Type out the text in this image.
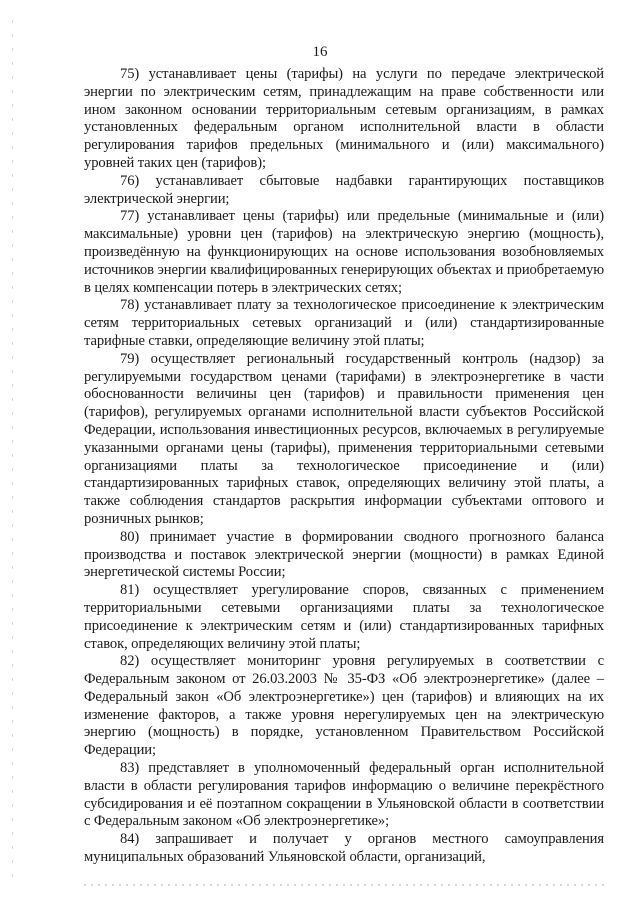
16

75) устанавливает цены (тарифы) на услуги по передаче электрической энергии по электрическим сетям, принадлежащим на праве собственности или ином законном основании территориальным сетевым организациям, в рамках установленных федеральным органом исполнительной власти в области регулирования тарифов предельных (минимального и (или) максимального) уровней таких цен (тарифов);

76) устанавливает сбытовые надбавки гарантирующих поставщиков электрической энергии;

77) устанавливает цены (тарифы) или предельные (минимальные и (или) максимальные) уровни цен (тарифов) на электрическую энергию (мощность), произведённую на функционирующих на основе использования возобновляемых источников энергии квалифицированных генерирующих объектах и приобретаемую в целях компенсации потерь в электрических сетях;

78) устанавливает плату за технологическое присоединение к электрическим сетям территориальных сетевых организаций и (или) стандартизированные тарифные ставки, определяющие величину этой платы;

79) осуществляет региональный государственный контроль (надзор) за регулируемыми государством ценами (тарифами) в электроэнергетике в части обоснованности величины цен (тарифов) и правильности применения цен (тарифов), регулируемых органами исполнительной власти субъектов Российской Федерации, использования инвестиционных ресурсов, включаемых в регулируемые указанными органами цены (тарифы), применения территориальными сетевыми организациями платы за технологическое присоединение и (или) стандартизированных тарифных ставок, определяющих величину этой платы, а также соблюдения стандартов раскрытия информации субъектами оптового и розничных рынков;

80) принимает участие в формировании сводного прогнозного баланса производства и поставок электрической энергии (мощности) в рамках Единой энергетической системы России;

81) осуществляет урегулирование споров, связанных с применением территориальными сетевыми организациями платы за технологическое присоединение к электрическим сетям и (или) стандартизированных тарифных ставок, определяющих величину этой платы;

82) осуществляет мониторинг уровня регулируемых в соответствии с Федеральным законом от 26.03.2003 № 35-ФЗ «Об электроэнергетике» (далее – Федеральный закон «Об электроэнергетике») цен (тарифов) и влияющих на их изменение факторов, а также уровня нерегулируемых цен на электрическую энергию (мощность) в порядке, установленном Правительством Российской Федерации;

83) представляет в уполномоченный федеральный орган исполнительной власти в области регулирования тарифов информацию о величине перекрёстного субсидирования и её поэтапном сокращении в Ульяновской области в соответствии с Федеральным законом «Об электроэнергетике»;

84) запрашивает и получает у органов местного самоуправления муниципальных образований Ульяновской области, организаций,
